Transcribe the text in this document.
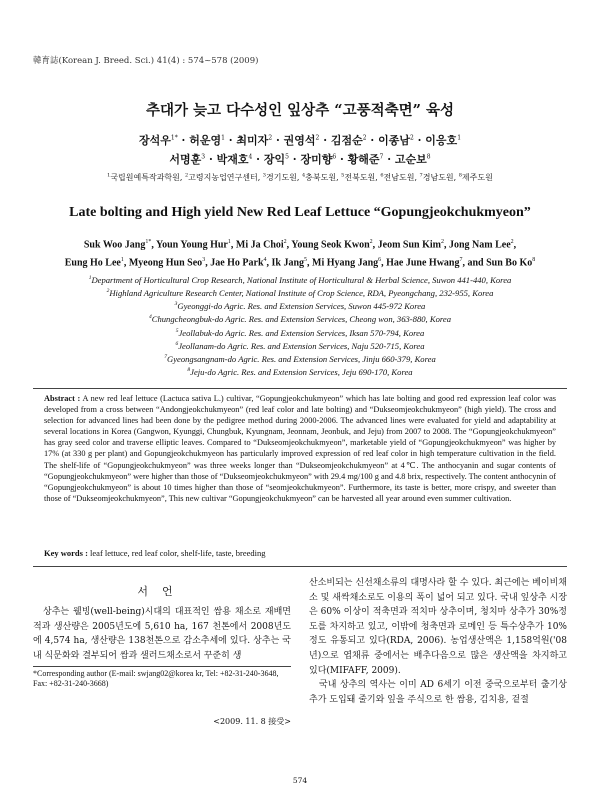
韓育誌(Korean J. Breed. Sci.) 41(4) : 574~578 (2009)
추대가 늦고 다수성인 잎상추 “고풍적축면” 육성
장석우$^{1*}$ · 허운영$^1$ · 최미자$^2$ · 권영석$^2$ · 김점순$^2$ · 이종남$^2$ · 이응호$^1$
서명훈$^3$ · 박재호$^4$ · 장익$^5$ · 장미향$^6$ · 황해준$^7$ · 고순보$^8$
$^1$국립원예특작과학원, $^2$고령지농업연구센터, $^3$경기도원, $^4$충북도원, $^5$전북도원, $^6$전남도원, $^7$경남도원, $^8$제주도원
Late bolting and High yield New Red Leaf Lettuce “Gopungjeokchukmyeon”
Suk Woo Jang$^{1*}$, Youn Young Hur$^1$, Mi Ja Choi$^2$, Young Seok Kwon$^2$, Jeom Sun Kim$^2$, Jong Nam Lee$^2$,
Eung Ho Lee$^1$, Myeong Hun Seo$^3$, Jae Ho Park$^4$, Ik Jang$^5$, Mi Hyang Jang$^6$, Hae June Hwang$^7$, and Sun Bo Ko$^8$
$^1$Department of Horticultural Crop Research, National Institute of Horticultural & Herbal Science, Suwon 441-440, Korea
$^2$Highland Agriculture Research Center, National Institute of Crop Science, RDA, Pyeongchang, 232-955, Korea
$^3$Gyeonggi-do Agric. Res. and Extension Services, Suwon 445-972 Korea
$^4$Chungcheongbuk-do Agric. Res. and Extension Services, Cheong won, 363-880, Korea
$^5$Jeollabuk-do Agric. Res. and Extension Services, Iksan 570-794, Korea
$^6$Jeollanam-do Agric. Res. and Extension Services, Naju 520-715, Korea
$^7$Gyeongsangnam-do Agric. Res. and Extension Services, Jinju 660-379, Korea
$^8$Jeju-do Agric. Res. and Extension Services, Jeju 690-170, Korea
Abstract : A new red leaf lettuce (Lactuca sativa L.) cultivar, “Gopungjeokchukmyeon” which has late bolting and good red expression leaf color was developed from a cross between “Andongjeokchukmyeon” (red leaf color and late bolting) and “Dukseomjeokchukmyeon” (high yield). The cross and selection for advanced lines had been done by the pedigree method during 2000-2006. The advanced lines were evaluated for yield and adaptability at several locations in Korea (Gangwon, Kyunggi, Chungbuk, Kyungnam, Jeonnam, Jeonbuk, and Jeju) from 2007 to 2008. The “Gopungjeokchukmyeon” has gray seed color and traverse elliptic leaves. Compared to “Dukseomjeokchukmyeon”, marketable yield of “Gopungjeokchukmyeon” was higher by 17% (at 330 g per plant) and Gopungjeokchukmyeon has particularly improved expression of red leaf color in high temperature cultivation in the field. The shelf-life of “Gopungjeokchukmyeon” was three weeks longer than “Dukseomjeokchukmyeon” at 4℃. The anthocyanin and sugar contents of “Gopungjeokchukmyeon” were higher than those of “Dukseomjeokchukmyeon” with 29.4 mg/100 g and 4.8 brix, respectively. The content anthocynin of “Gopungjeokchukmyeon” is about 10 times higher than those of “seomjeokchukmyeon”. Furthermore, its taste is better, more crispy, and sweeter than those of “Dukseomjeokchukmyeon”, This new cultivar “Gopungjeokchukmyeon” can be harvested all year around even summer cultivation.
Key words : leaf lettuce, red leaf color, shelf-life, taste, breeding
서언

상추는 웰빙(well-being)시대의 대표적인 쌈용 채소로 재배면적과 생산량은 2005년도에 5,610 ha, 167 천톤에서 2008년도에 4,574 ha, 생산량은 138천톤으로 감소추세에 있다. 상추는 국내 식문화와 결부되어 쌈과 샐러드채소로서 꾸준히 생

*Corresponding author (E-mail: swjang02@korea kr, Tel: +82-31-240-3648, Fax: +82-31-240-3668)
<2009. 11. 8 接受>

산소비되는 신선채소류의 대명사라 할 수 있다. 최근에는 베이비채소 및 새싹채소로도 이용의 폭이 넓어 되고 있다. 국내 잎상추 시장은 60% 이상이 적축면과 적치마 상추이며, 청치마 상추가 30%정도를 차지하고 있고, 이밖에 청축면과 로메인 등 특수상추가 10% 정도 유통되고 있다(RDA, 2006). 농업생산액은 1,158억원('08년)으로 엽채류 중에서는 배추다음으로 많은 생산액을 차지하고 있다(MIFAFF, 2009).

국내 상추의 역사는 이미 AD 6세기 이전 중국으로부터 출기상추가 도입돼 줄기와 잎을 주식으로 한 쌈용, 김치용, 겉절

574
